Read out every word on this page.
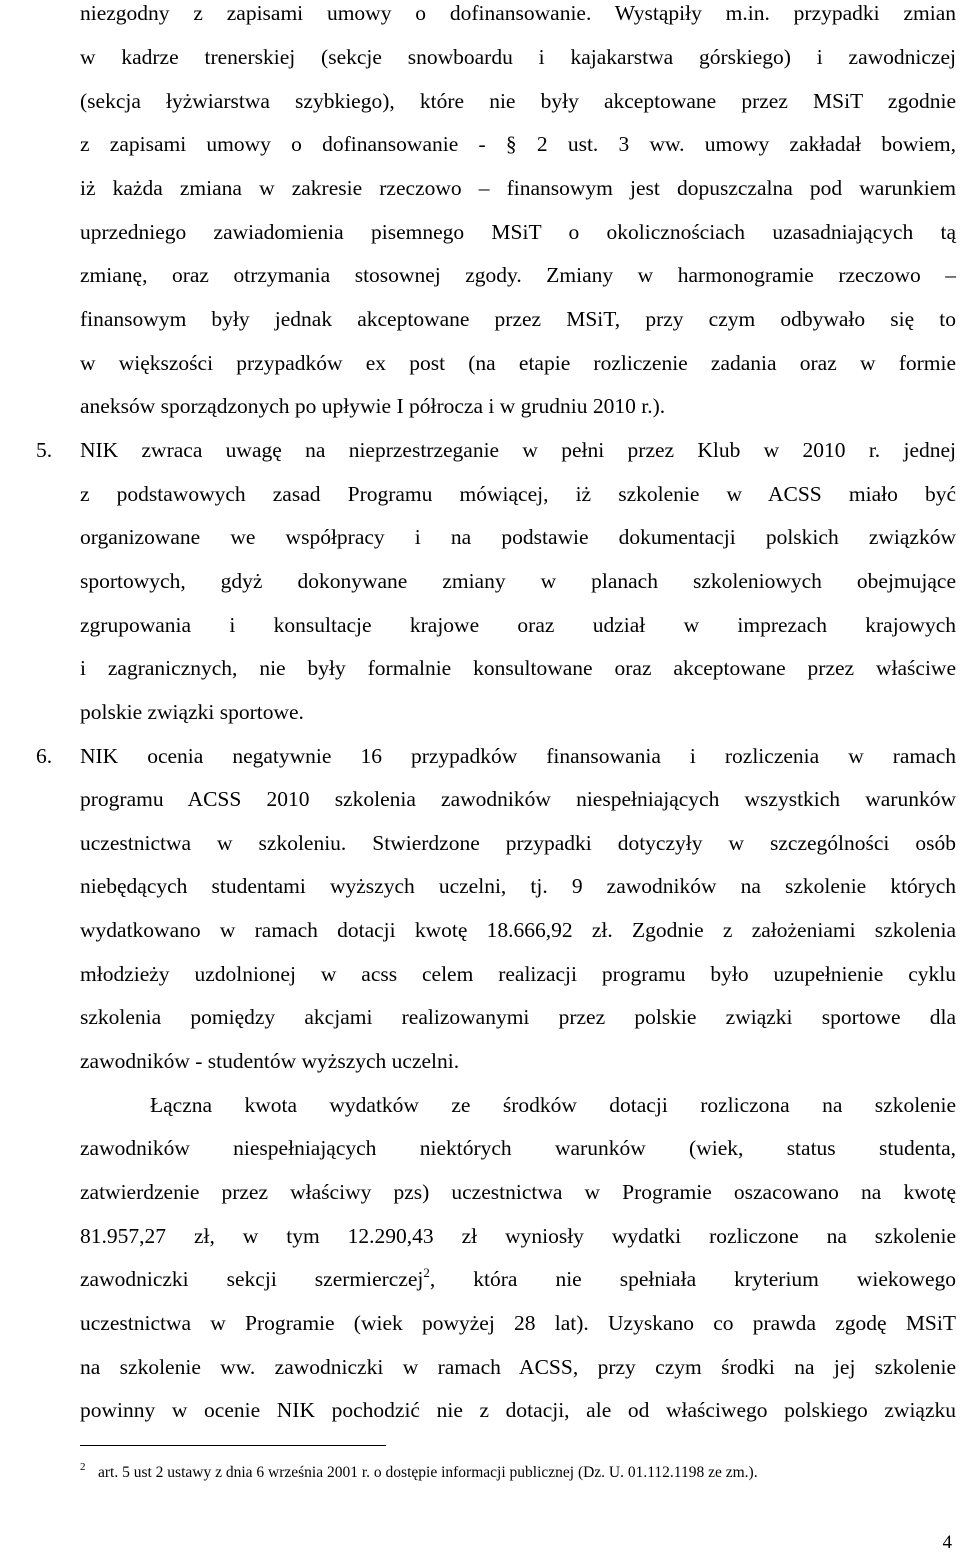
niezgodny z zapisami umowy o dofinansowanie. Wystąpiły m.in. przypadki zmian
w kadrze trenerskiej (sekcje snowboardu i kajakarstwa górskiego) i zawodniczej
(sekcja łyżwiarstwa szybkiego), które nie były akceptowane przez MSiT zgodnie
z zapisami umowy o dofinansowanie - § 2 ust. 3 ww. umowy zakładał bowiem,
iż każda zmiana w zakresie rzeczowo – finansowym jest dopuszczalna pod warunkiem
uprzedniego zawiadomienia pisemnego MSiT o okolicznościach uzasadniających tą
zmianę, oraz otrzymania stosownej zgody. Zmiany w harmonogramie rzeczowo –
finansowym były jednak akceptowane przez MSiT, przy czym odbywało się to
w większości przypadków ex post (na etapie rozliczenie zadania oraz w formie
aneksów sporządzonych po upływie I półrocza i w grudniu 2010 r.).
5. NIK zwraca uwagę na nieprzestrzeganie w pełni przez Klub w 2010 r. jednej
z podstawowych zasad Programu mówiącej, iż szkolenie w ACSS miało być
organizowane we współpracy i na podstawie dokumentacji polskich związków
sportowych, gdyż dokonywane zmiany w planach szkoleniowych obejmujące
zgrupowania i konsultacje krajowe oraz udział w imprezach krajowych
i zagranicznych, nie były formalnie konsultowane oraz akceptowane przez właściwe
polskie związki sportowe.
6. NIK ocenia negatywnie 16 przypadków finansowania i rozliczenia w ramach
programu ACSS 2010 szkolenia zawodników niespełniających wszystkich warunków
uczestnictwa w szkoleniu. Stwierdzone przypadki dotyczyły w szczególności osób
niebędących studentami wyższych uczelni, tj. 9 zawodników na szkolenie których
wydatkowano w ramach dotacji kwotę 18.666,92 zł. Zgodnie z założeniami szkolenia
młodzieży uzdolnionej w acss celem realizacji programu było uzupełnienie cyklu
szkolenia pomiędzy akcjami realizowanymi przez polskie związki sportowe dla
zawodników - studentów wyższych uczelni.
Łączna kwota wydatków ze środków dotacji rozliczona na szkolenie
zawodników niespełniających niektórych warunków (wiek, status studenta,
zatwierdzenie przez właściwy pzs) uczestnictwa w Programie oszacowano na kwotę
81.957,27 zł, w tym 12.290,43 zł wyniosły wydatki rozliczone na szkolenie
zawodniczki sekcji szermierczej$^2$, która nie spełniała kryterium wiekowego
uczestnictwa w Programie (wiek powyżej 28 lat). Uzyskano co prawda zgodę MSiT
na szkolenie ww. zawodniczki w ramach ACSS, przy czym środki na jej szkolenie
powinny w ocenie NIK pochodzić nie z dotacji, ale od właściwego polskiego związku
2 art. 5 ust 2 ustawy z dnia 6 września 2001 r. o dostępie informacji publicznej (Dz. U. 01.112.1198 ze zm.).
4
